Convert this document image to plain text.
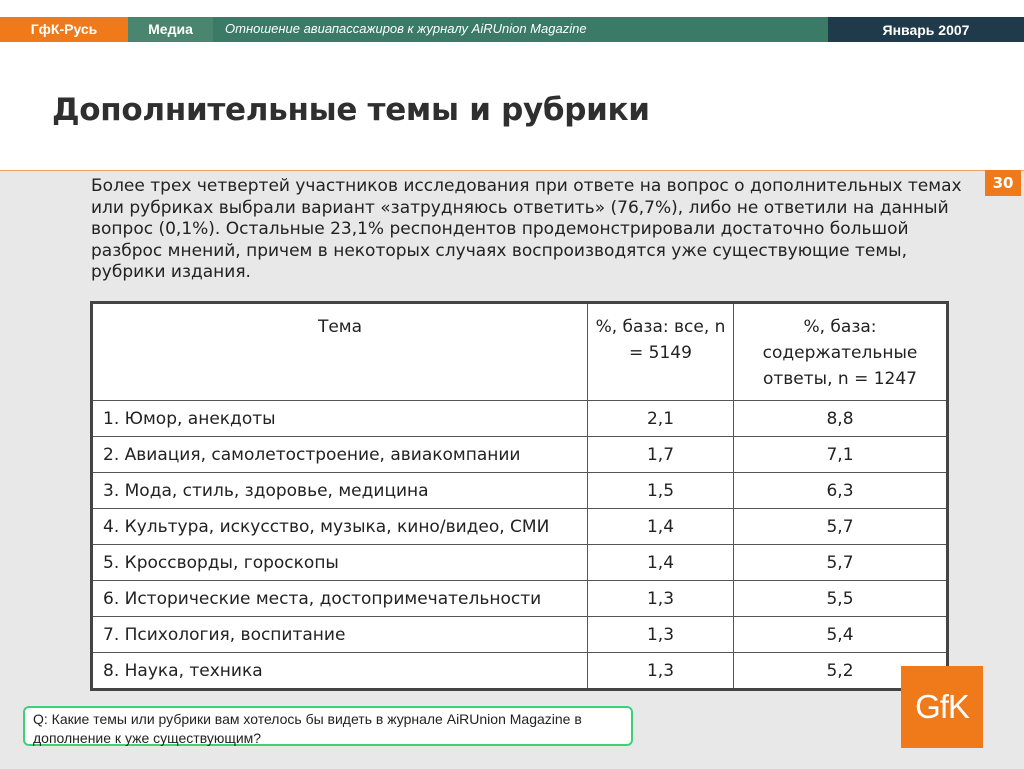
ГфК-Русь	Медиа	Отношение авиапассажиров к журналу AiRUnion Magazine	Январь 2007
Дополнительные темы и рубрики
30

Более трех четвертей участников исследования при ответе на вопрос о дополнительных темах или рубриках выбрали вариант «затрудняюсь ответить» (76,7%), либо не ответили на данный вопрос (0,1%). Остальные 23,1% респондентов продемонстрировали достаточно большой разброс мнений, причем в некоторых случаях воспроизводятся уже существующие темы, рубрики издания.

Тема	%, база: все, n = 5149	%, база: содержательные ответы, n = 1247
1. Юмор, анекдоты	2,1	8,8
2. Авиация, самолетостроение, авиакомпании	1,7	7,1
3. Мода, стиль, здоровье, медицина	1,5	6,3
4. Культура, искусство, музыка, кино/видео, СМИ	1,4	5,7
5. Кроссворды, гороскопы	1,4	5,7
6. Исторические места, достопримечательности	1,3	5,5
7. Психология, воспитание	1,3	5,4
8. Наука, техника	1,3	5,2
GfK
Q: Какие темы или рубрики вам хотелось бы видеть в журнале AiRUnion Magazine в дополнение к уже существующим?
